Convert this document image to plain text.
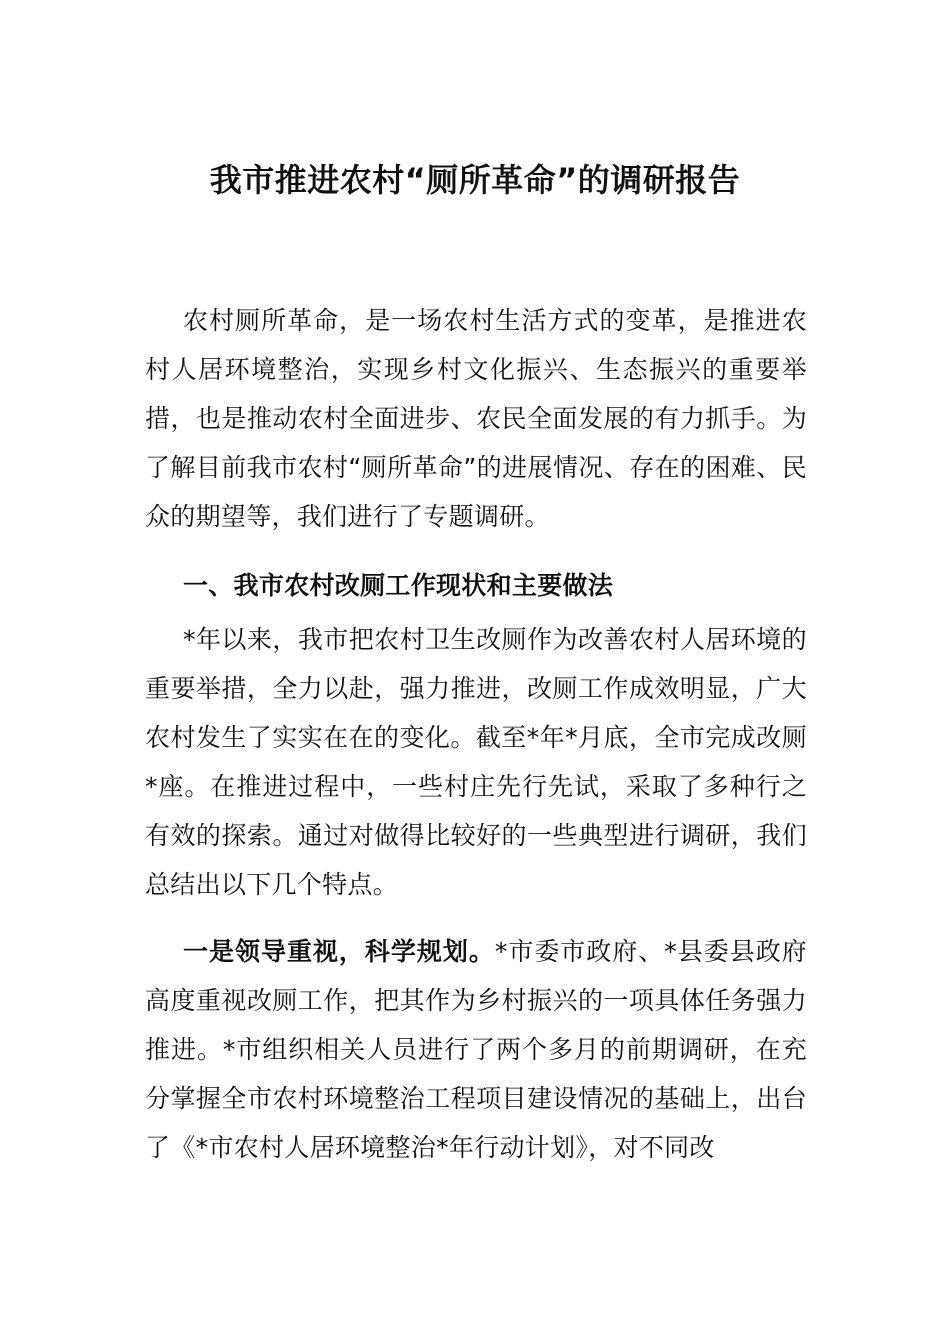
我市推进农村“厕所革命”的调研报告

农村厕所革命，是一场农村生活方式的变革，是推进农村人居环境整治，实现乡村文化振兴、生态振兴的重要举措，也是推动农村全面进步、农民全面发展的有力抓手。为了解目前我市农村“厕所革命”的进展情况、存在的困难、民众的期望等，我们进行了专题调研。

一、我市农村改厕工作现状和主要做法

*年以来，我市把农村卫生改厕作为改善农村人居环境的重要举措，全力以赴，强力推进，改厕工作成效明显，广大农村发生了实实在在的变化。截至*年*月底，全市完成改厕*座。在推进过程中，一些村庄先行先试，采取了多种行之有效的探索。通过对做得比较好的一些典型进行调研，我们总结出以下几个特点。

一是领导重视，科学规划。*市委市政府、*县委县政府高度重视改厕工作，把其作为乡村振兴的一项具体任务强力推进。*市组织相关人员进行了两个多月的前期调研，在充分掌握全市农村环境整治工程项目建设情况的基础上，出台了《*市农村人居环境整治*年行动计划》，对不同改
